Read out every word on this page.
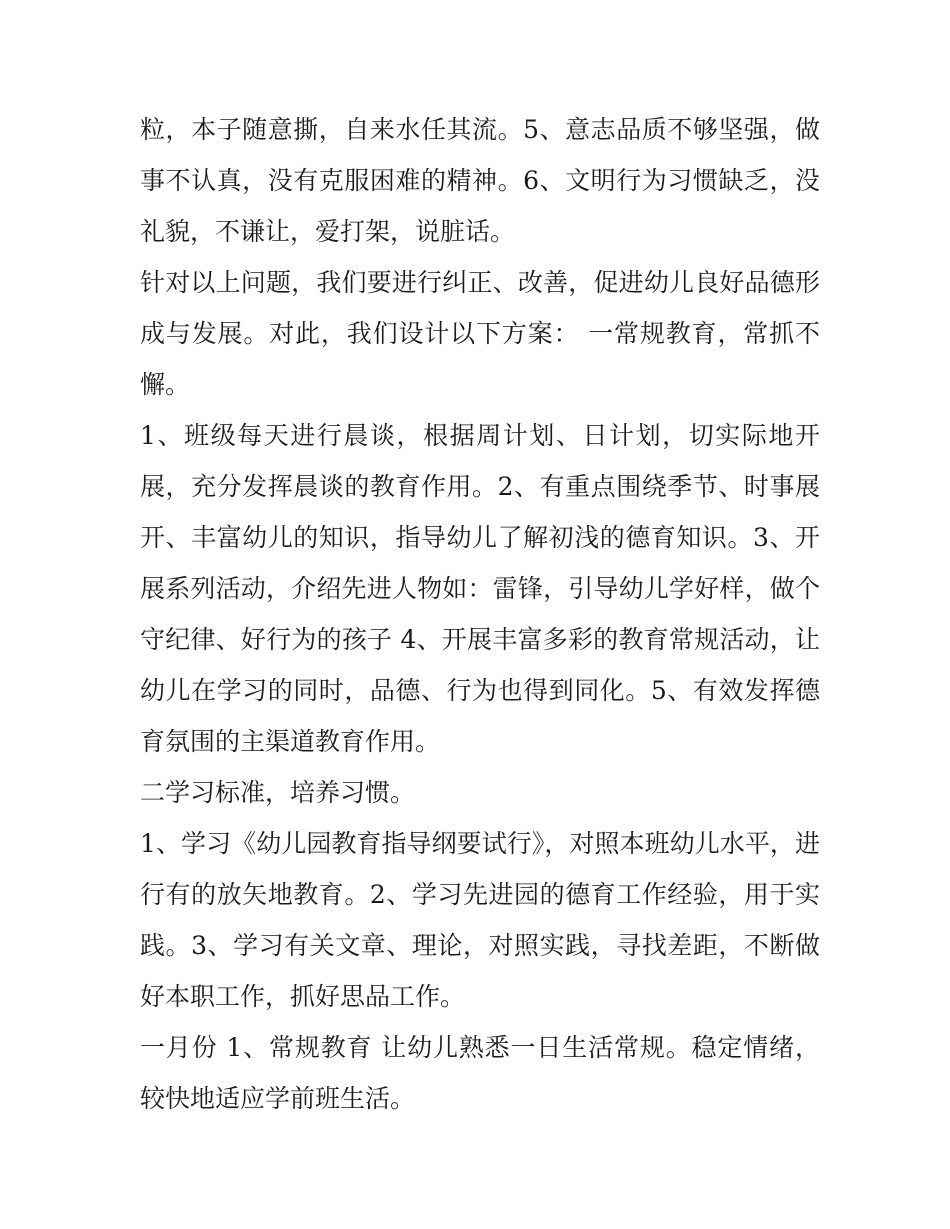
粒，本子随意撕，自来水任其流。5、意志品质不够坚强，做事不认真，没有克服困难的精神。6、文明行为习惯缺乏，没礼貌，不谦让，爱打架，说脏话。

针对以上问题，我们要进行纠正、改善，促进幼儿良好品德形成与发展。对此，我们设计以下方案： 一常规教育，常抓不懈。

1、班级每天进行晨谈，根据周计划、日计划，切实际地开展，充分发挥晨谈的教育作用。2、有重点围绕季节、时事展开、丰富幼儿的知识，指导幼儿了解初浅的德育知识。3、开展系列活动，介绍先进人物如：雷锋，引导幼儿学好样，做个守纪律、好行为的孩子 4、开展丰富多彩的教育常规活动，让幼儿在学习的同时，品德、行为也得到同化。5、有效发挥德育氛围的主渠道教育作用。

二学习标准，培养习惯。

1、学习《幼儿园教育指导纲要试行》，对照本班幼儿水平，进行有的放矢地教育。2、学习先进园的德育工作经验，用于实践。3、学习有关文章、理论，对照实践，寻找差距，不断做好本职工作，抓好思品工作。

一月份 1、常规教育 让幼儿熟悉一日生活常规。稳定情绪，较快地适应学前班生活。
